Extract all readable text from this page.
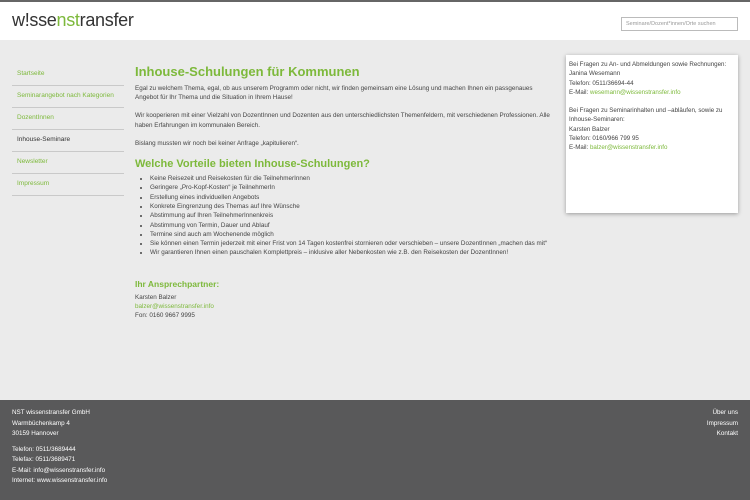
w!ssenstransfer	Seminare/Dozent*innen/Orte suchen
Startseite
Seminarangebot nach Kategorien
DozentInnen
Inhouse-Seminare
Newsletter
Impressum
Inhouse-Schulungen für Kommunen

Egal zu welchem Thema, egal, ob aus unserem Programm oder nicht, wir finden gemeinsam eine Lösung und machen Ihnen ein passgenaues Angebot für Ihr Thema und die Situation in Ihrem Hause!

Wir kooperieren mit einer Vielzahl von DozentInnen und Dozenten aus den unterschiedlichsten Themenfeldern, mit verschiedenen Professionen. Alle haben Erfahrungen im kommunalen Bereich.

Bislang mussten wir noch bei keiner Anfrage „kapitulieren“.

Welche Vorteile bieten Inhouse-Schulungen?
• Keine Reisezeit und Reisekosten für die TeilnehmerInnen
• Geringere „Pro-Kopf-Kosten“ je TeilnehmerIn
• Erstellung eines individuellen Angebots
• Konkrete Eingrenzung des Themas auf Ihre Wünsche
• Abstimmung auf Ihren TeilnehmerInnenkreis
• Abstimmung von Termin, Dauer und Ablauf
• Termine sind auch am Wochenende möglich
• Sie können einen Termin jederzeit mit einer Frist von 14 Tagen kostenfrei stornieren oder verschieben – unsere DozentInnen „machen das mit“
• Wir garantieren Ihnen einen pauschalen Komplettpreis – inklusive aller Nebenkosten wie z.B. den Reisekosten der DozentInnen!
Ihr Ansprechpartner:
Karsten Balzer
balzer@wissenstransfer.info
Fon: 0160 9667 9995
Bei Fragen zu An- und Abmeldungen sowie Rechnungen:
Janina Wesemann
Telefon: 0511/36694-44
E-Mail: wesemann@wissenstransfer.info
Bei Fragen zu Seminarinhalten und –abläufen, sowie zu Inhouse-Seminaren:
Karsten Balzer
Telefon: 0160/966 799 95
E-Mail: balzer@wissenstransfer.info
NST wissenstransfer GmbH
Warmbüchenkamp 4
30159 Hannover
Telefon: 0511/3689444
Telefax: 0511/3689471
E-Mail: info@wissenstransfer.info
Internet: www.wissenstransfer.info
Über uns
Impressum
Kontakt
